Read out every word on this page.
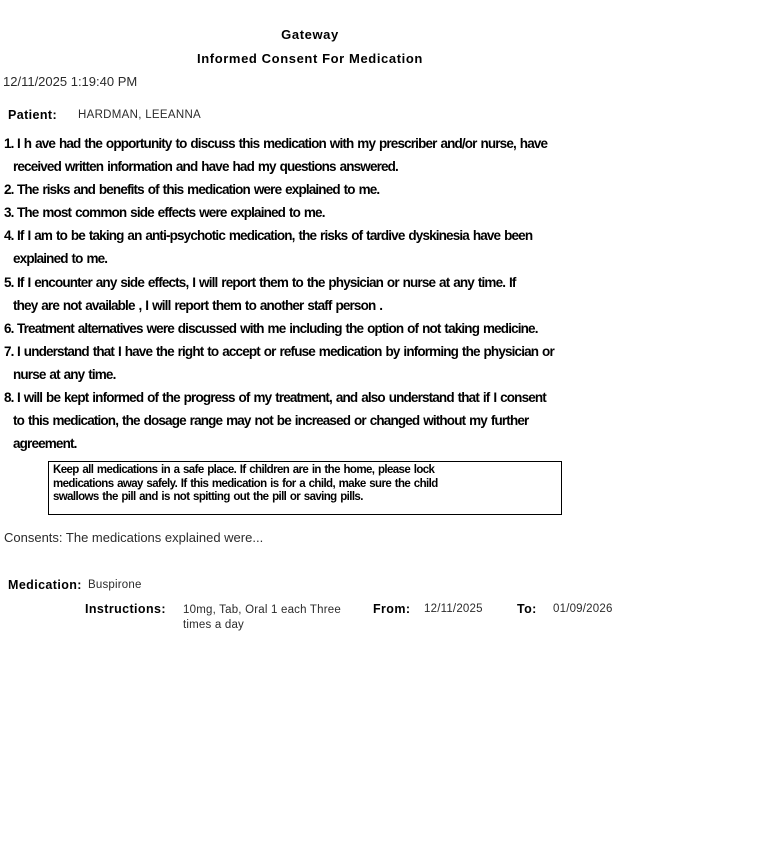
Gateway
Informed Consent For Medication
12/11/2025 1:19:40 PM
Patient: HARDMAN, LEEANNA
1. I h ave had the opportunity to discuss this medication with my prescriber and/or nurse, have
received written information and have had my questions answered.
2. The risks and benefits of this medication were explained to me.
3. The most common side effects were explained to me.
4. If I am to be taking an anti-psychotic medication, the risks of tardive dyskinesia have been
explained to me.
5. If I encounter any side effects, I will report them to the physician or nurse at any time. If
they are not available , I will report them to another staff person .
6. Treatment alternatives were discussed with me including the option of not taking medicine.
7. I understand that I have the right to accept or refuse medication by informing the physician or
nurse at any time.
8. I will be kept informed of the progress of my treatment, and also understand that if I consent
to this medication, the dosage range may not be increased or changed without my further
agreement.
Keep all medications in a safe place. If children are in the home, please lock
medications away safely. If this medication is for a child, make sure the child
swallows the pill and is not spitting out the pill or saving pills.
Consents: The medications explained were...
Medication: Buspirone
Instructions: 10mg, Tab, Oral 1 each Three
times a day
From: 12/11/2025	To: 01/09/2026
